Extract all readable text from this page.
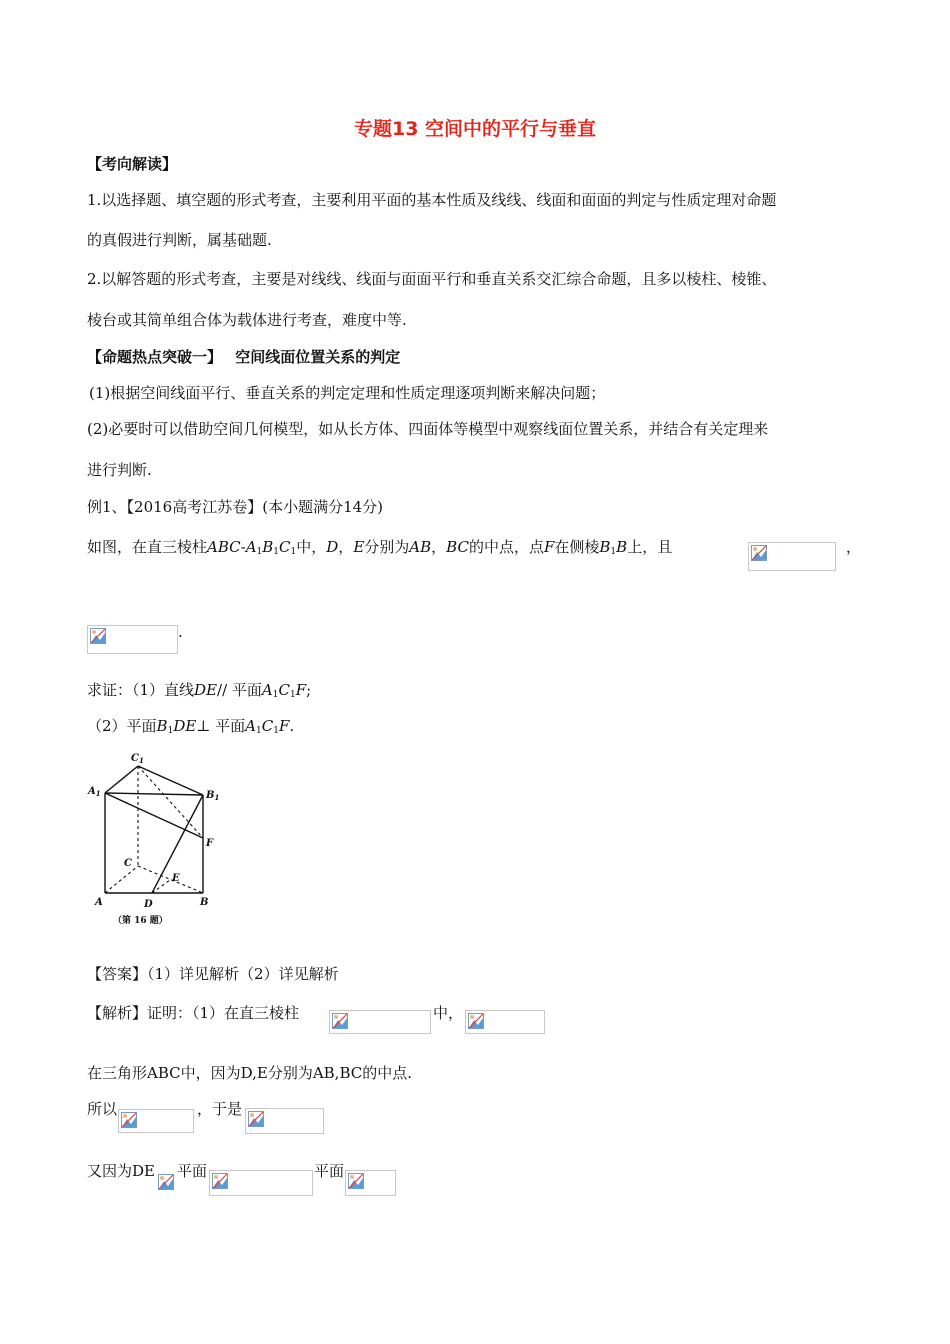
专题13 空间中的平行与垂直
【考向解读】
1.以选择题、填空题的形式考查，主要利用平面的基本性质及线线、线面和面面的判定与性质定理对命题
的真假进行判断，属基础题.
2.以解答题的形式考查，主要是对线线、线面与面面平行和垂直关系交汇综合命题，且多以棱柱、棱锥、
棱台或其简单组合体为载体进行考查，难度中等.
【命题热点突破一】 空间线面位置关系的判定
(1)根据空间线面平行、垂直关系的判定定理和性质定理逐项判断来解决问题；
(2)必要时可以借助空间几何模型，如从长方体、四面体等模型中观察线面位置关系，并结合有关定理来
进行判断.
例1、【2016高考江苏卷】(本小题满分14分)
如图，在直三棱柱ABC-$A_1B_1C_1$中，D，E分别为AB，BC的中点，点F在侧棱$B_1B$上，且	，
.
求证：（1）直线DE// 平面$A_1C_1F$;
（2）平面$B_1DE\perp$ 平面$A_1C_1F$.
$C_1$
$A_1$	$B_1$
F
C
E
A	D	B
（第 16 题）
【答案】（1）详见解析（2）详见解析
【解析】证明：（1）在直三棱柱	中，
在三角形ABC中，因为D,E分别为AB,BC的中点.
所以	，于是
又因为DE 平面	平面
